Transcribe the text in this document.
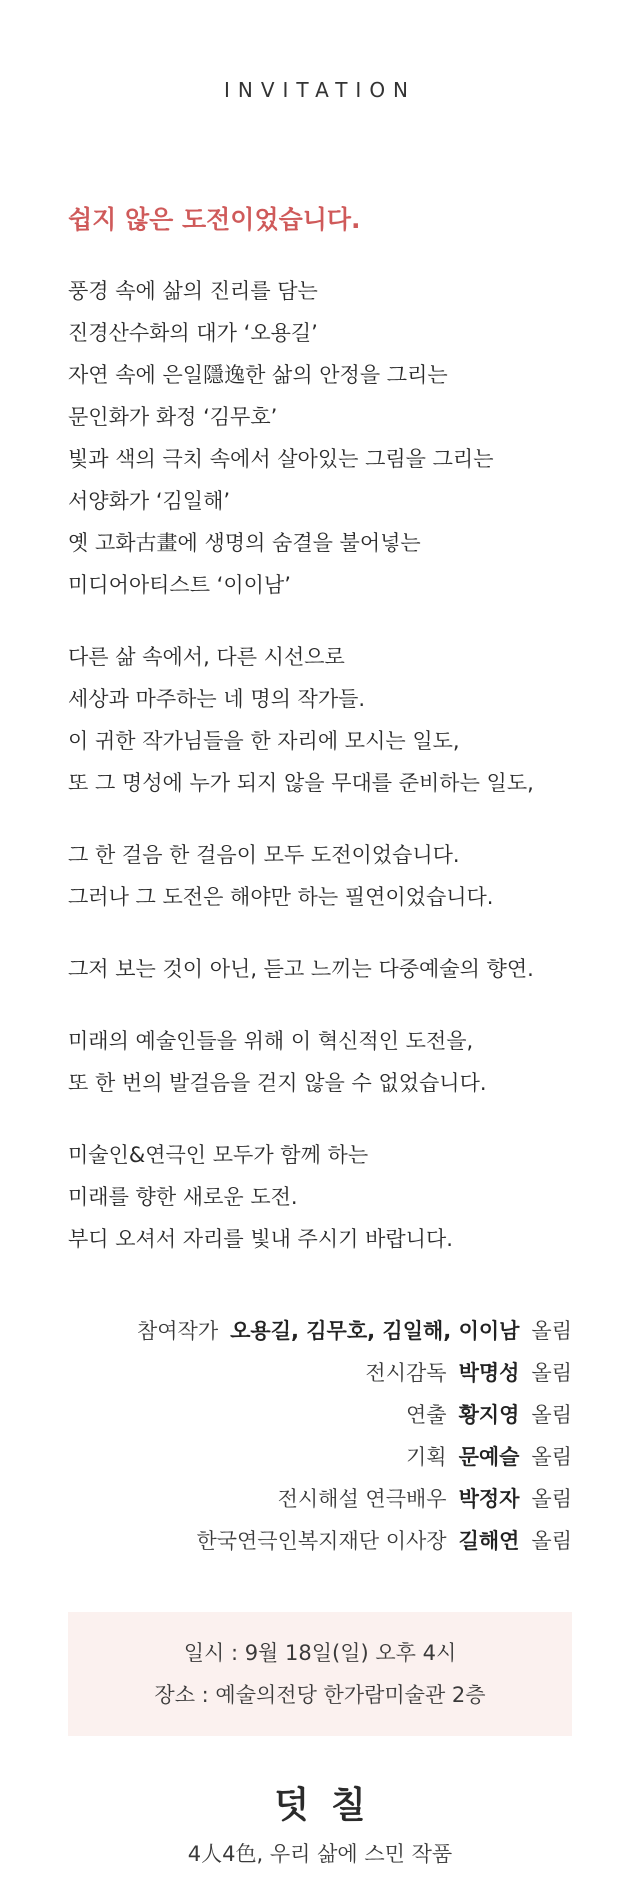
INVITATION
쉽지 않은 도전이었습니다.
풍경 속에 삶의 진리를 담는
진경산수화의 대가 ‘오용길’
자연 속에 은일隱逸한 삶의 안정을 그리는
문인화가 화정 ‘김무호’
빛과 색의 극치 속에서 살아있는 그림을 그리는
서양화가 ‘김일해’
옛 고화古畫에 생명의 숨결을 불어넣는
미디어아티스트 ‘이이남’
다른 삶 속에서, 다른 시선으로
세상과 마주하는 네 명의 작가들.
이 귀한 작가님들을 한 자리에 모시는 일도,
또 그 명성에 누가 되지 않을 무대를 준비하는 일도,
그 한 걸음 한 걸음이 모두 도전이었습니다.
그러나 그 도전은 해야만 하는 필연이었습니다.
그저 보는 것이 아닌, 듣고 느끼는 다중예술의 향연.
미래의 예술인들을 위해 이 혁신적인 도전을,
또 한 번의 발걸음을 걷지 않을 수 없었습니다.
미술인&연극인 모두가 함께 하는
미래를 향한 새로운 도전.
부디 오셔서 자리를 빛내 주시기 바랍니다.
참여작가 오용길, 김무호, 김일해, 이이남 올림
전시감독 박명성 올림
연출 황지영 올림
기획 문예슬 올림
전시해설 연극배우 박정자 올림
한국연극인복지재단 이사장 길해연 올림
일시 : 9월 18일(일) 오후 4시
장소 : 예술의전당 한가람미술관 2층
덧칠
4人4色, 우리 삶에 스민 작품
